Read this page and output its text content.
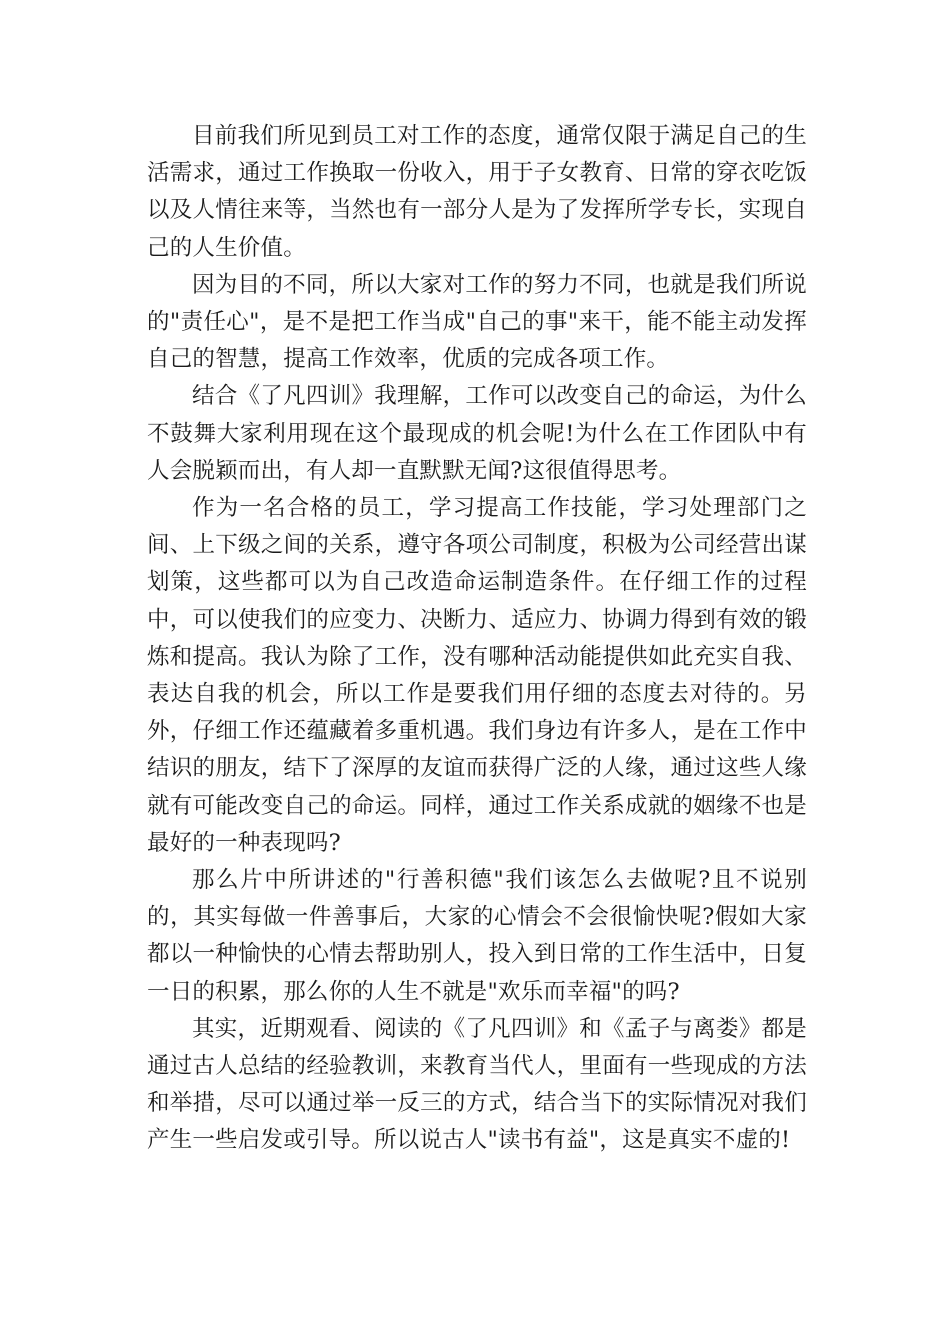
目前我们所见到员工对工作的态度，通常仅限于满足自己的生活需求，通过工作换取一份收入，用于子女教育、日常的穿衣吃饭以及人情往来等，当然也有一部分人是为了发挥所学专长，实现自己的人生价值。

因为目的不同，所以大家对工作的努力不同，也就是我们所说的"责任心"，是不是把工作当成"自己的事"来干，能不能主动发挥自己的智慧，提高工作效率，优质的完成各项工作。

结合《了凡四训》我理解，工作可以改变自己的命运，为什么不鼓舞大家利用现在这个最现成的机会呢!为什么在工作团队中有人会脱颖而出，有人却一直默默无闻?这很值得思考。

作为一名合格的员工，学习提高工作技能，学习处理部门之间、上下级之间的关系，遵守各项公司制度，积极为公司经营出谋划策，这些都可以为自己改造命运制造条件。在仔细工作的过程中，可以使我们的应变力、决断力、适应力、协调力得到有效的锻炼和提高。我认为除了工作，没有哪种活动能提供如此充实自我、表达自我的机会，所以工作是要我们用仔细的态度去对待的。另外，仔细工作还蕴藏着多重机遇。我们身边有许多人，是在工作中结识的朋友，结下了深厚的友谊而获得广泛的人缘，通过这些人缘就有可能改变自己的命运。同样，通过工作关系成就的姻缘不也是最好的一种表现吗?

那么片中所讲述的"行善积德"我们该怎么去做呢?且不说别的，其实每做一件善事后，大家的心情会不会很愉快呢?假如大家都以一种愉快的心情去帮助别人，投入到日常的工作生活中，日复一日的积累，那么你的人生不就是"欢乐而幸福"的吗?

其实，近期观看、阅读的《了凡四训》和《孟子与离娄》都是通过古人总结的经验教训，来教育当代人，里面有一些现成的方法和举措，尽可以通过举一反三的方式，结合当下的实际情况对我们产生一些启发或引导。所以说古人"读书有益"，这是真实不虚的!
